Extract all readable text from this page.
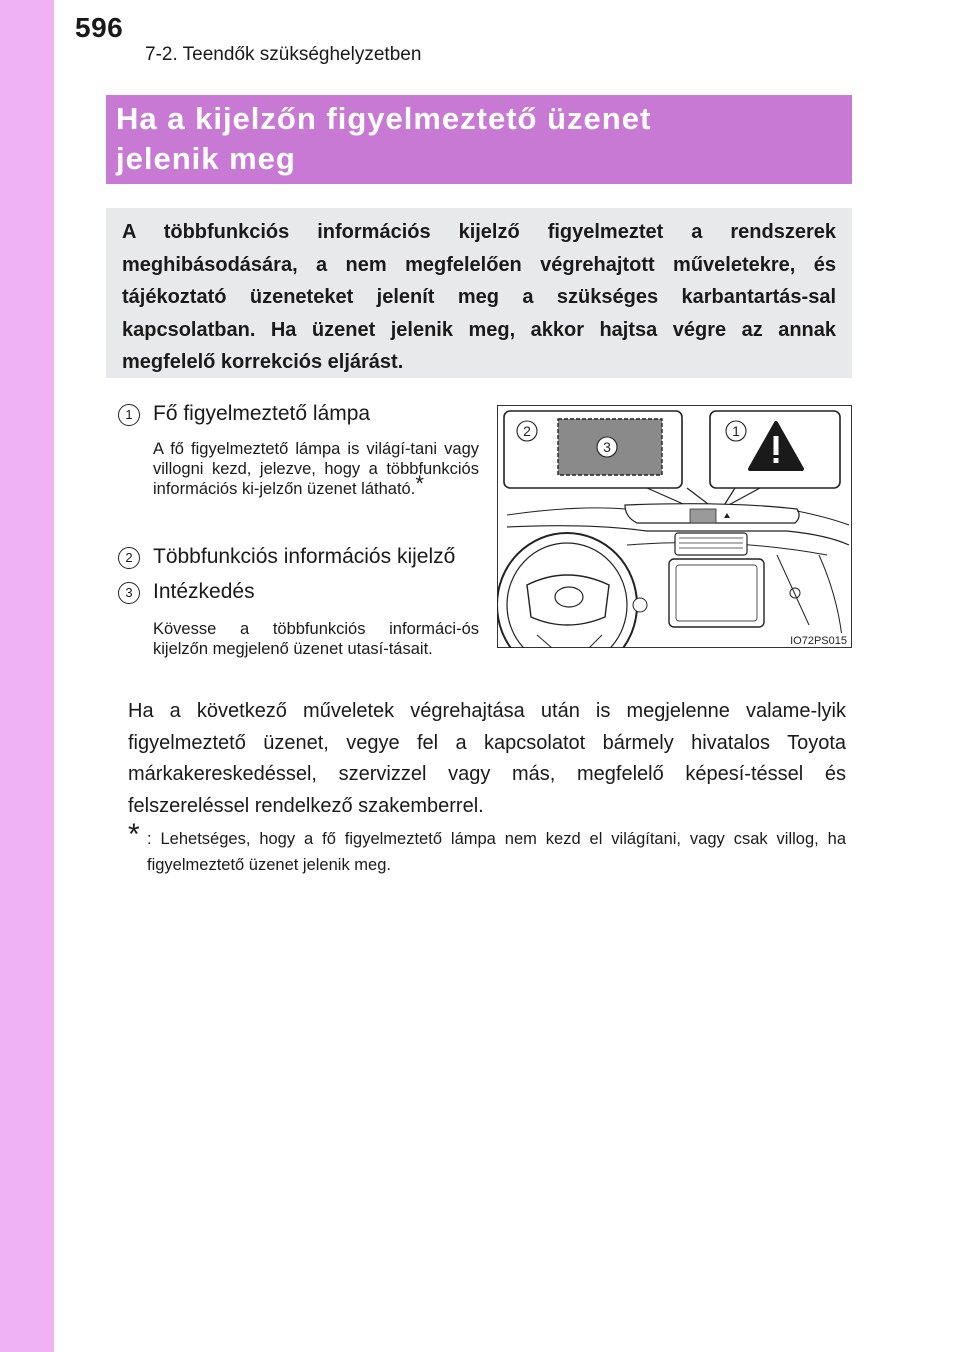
596
7-2. Teendők szükséghelyzetben
Ha a kijelzőn figyelmeztető üzenet
jelenik meg
A többfunkciós információs kijelző figyelmeztet a rendszerek meghibásodására, a nem megfelelően végrehajtott műveletekre, és tájékoztató üzeneteket jelenít meg a szükséges karbantartás-sal kapcsolatban. Ha üzenet jelenik meg, akkor hajtsa végre az annak megfelelő korrekciós eljárást.
1 Fő figyelmeztető lámpa
A fő figyelmeztető lámpa is világí-tani vagy villogni kezd, jelezve, hogy a többfunkciós információs ki-jelzőn üzenet látható.*
2 Többfunkciós információs kijelző
3 Intézkedés
Kövesse a többfunkciós informáci-ós kijelzőn megjelenő üzenet utasí-tásait.
2
3
1
IO72PS015
Ha a következő műveletek végrehajtása után is megjelenne valame-lyik figyelmeztető üzenet, vegye fel a kapcsolatot bármely hivatalos Toyota márkakereskedéssel, szervizzel vagy más, megfelelő képesí-téssel és felszereléssel rendelkező szakemberrel.
* : Lehetséges, hogy a fő figyelmeztető lámpa nem kezd el világítani, vagy csak villog, ha figyelmeztető üzenet jelenik meg.
